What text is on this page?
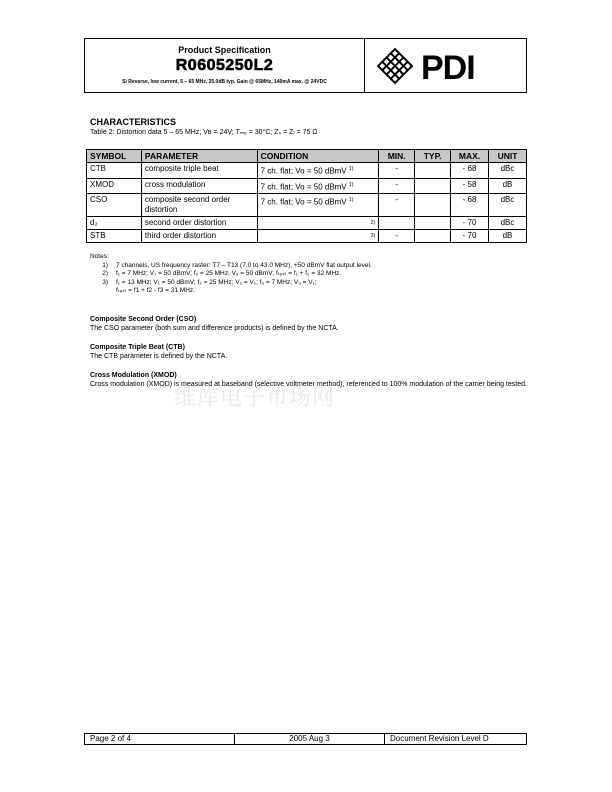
Product Specification
R0605250L2
Si Reverse, low current, 5 – 65 MHz, 25.0dB typ. Gain @ 65MHz, 140mA max. @ 24VDC	PDI
CHARACTERISTICS
Table 2: Distortion data 5 – 65 MHz; Vʙ = 24V; Tₘₑ = 30°C; Zₛ = Zₗ = 75 Ω
SYMBOL	PARAMETER	CONDITION	MIN.	TYP.	MAX.	UNIT
CTB	composite triple beat	7 ch. flat; Vo = 50 dBmV $^{1)}$	-		- 68	dBc
XMOD	cross modulation	7 ch. flat; Vo = 50 dBmV $^{1)}$	-		- 58	dB
CSO	composite second order distortion	7 ch. flat; Vo = 50 dBmV $^{1)}$	-		- 68	dBc
d₂	second order distortion	2)			- 70	dBc
STB	third order distortion	3)	-		- 70	dB
Notes:
1)	7 channels, US frequency raster: T7 – T13 (7.0 to 43.0 MHz), +50 dBmV flat output level.
2)	f₁ = 7 MHz; V₁ = 50 dBmV; f₂ = 25 MHz; V₂ = 50 dBmV; fₜₑₛₜ = f₁ + f₂ = 32 MHz.
3)	f₁ = 13 MHz; V₁ = 50 dBmV; f₂ = 25 MHz; V₂ = V₁; f₃ = 7 MHz; V₃ = V₁;
fₜₑₛₜ = f1 + f2 - f3 = 31 MHz.
Composite Second Order (CSO)
The CSO parameter (both sum and difference products) is defined by the NCTA.
Composite Triple Beat (CTB)
The CTB parameter is defined by the NCTA.
Cross Modulation (XMOD)
Cross modulation (XMOD) is measured at baseband (selective voltmeter method), referenced to 100% modulation of the carrier being tested.
维库电子市场网
Page 2 of 4	2005 Aug 3	Document Revision Level D
